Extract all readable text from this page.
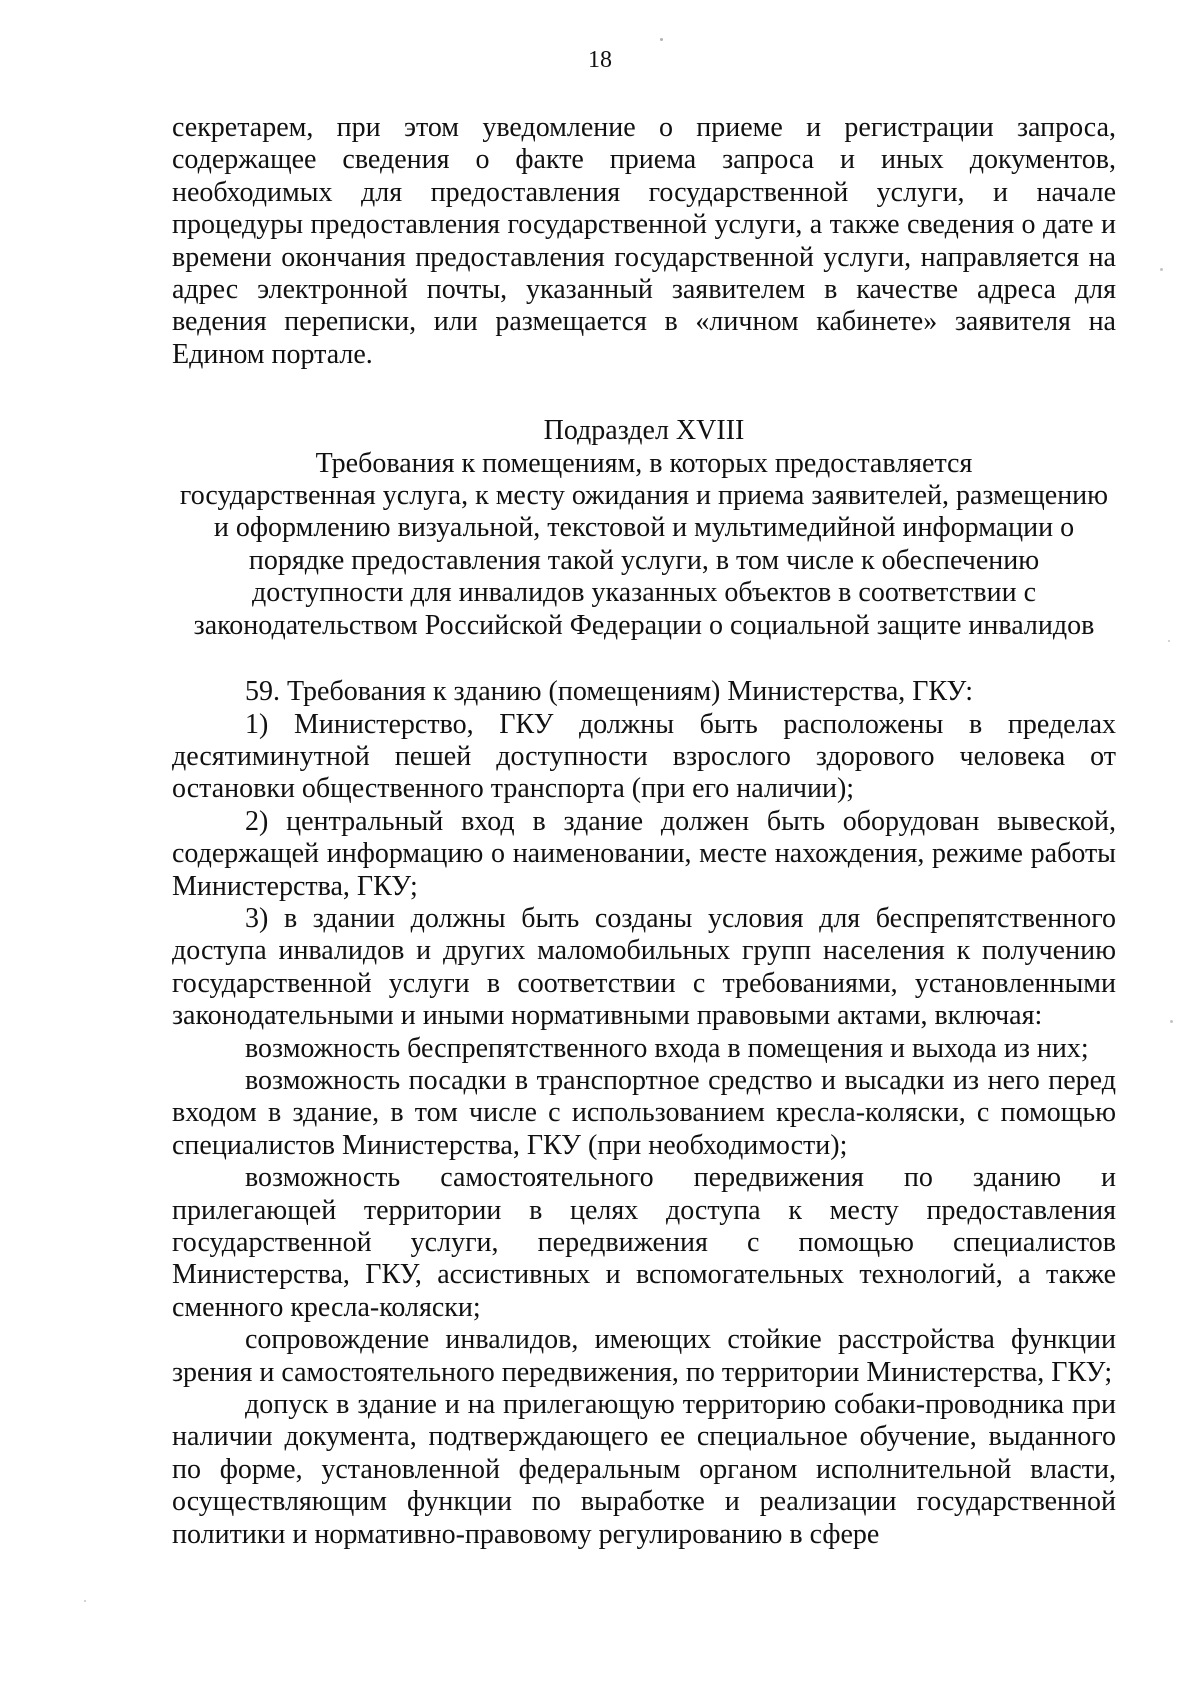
18

секретарем, при этом уведомление о приеме и регистрации запроса, содержащее сведения о факте приема запроса и иных документов, необходимых для предоставления государственной услуги, и начале процедуры предоставления государственной услуги, а также сведения о дате и времени окончания предоставления государственной услуги, направляется на адрес электронной почты, указанный заявителем в качестве адреса для ведения переписки, или размещается в «личном кабинете» заявителя на Едином портале.

Подраздел XVIII

Требования к помещениям, в которых предоставляется

государственная услуга, к месту ожидания и приема заявителей, размещению

и оформлению визуальной, текстовой и мультимедийной информации о

порядке предоставления такой услуги, в том числе к обеспечению

доступности для инвалидов указанных объектов в соответствии с

законодательством Российской Федерации о социальной защите инвалидов

59. Требования к зданию (помещениям) Министерства, ГКУ:

1) Министерство, ГКУ должны быть расположены в пределах десятиминутной пешей доступности взрослого здорового человека от остановки общественного транспорта (при его наличии);

2) центральный вход в здание должен быть оборудован вывеской, содержащей информацию о наименовании, месте нахождения, режиме работы Министерства, ГКУ;

3) в здании должны быть созданы условия для беспрепятственного доступа инвалидов и других маломобильных групп населения к получению государственной услуги в соответствии с требованиями, установленными законодательными и иными нормативными правовыми актами, включая:

возможность беспрепятственного входа в помещения и выхода из них;

возможность посадки в транспортное средство и высадки из него перед входом в здание, в том числе с использованием кресла-коляски, с помощью специалистов Министерства, ГКУ (при необходимости);

возможность самостоятельного передвижения по зданию и прилегающей территории в целях доступа к месту предоставления государственной услуги, передвижения с помощью специалистов Министерства, ГКУ, ассистивных и вспомогательных технологий, а также сменного кресла-коляски;

сопровождение инвалидов, имеющих стойкие расстройства функции зрения и самостоятельного передвижения, по территории Министерства, ГКУ;

допуск в здание и на прилегающую территорию собаки-проводника при наличии документа, подтверждающего ее специальное обучение, выданного по форме, установленной федеральным органом исполнительной власти, осуществляющим функции по выработке и реализации государственной политики и нормативно-правовому регулированию в сфере
